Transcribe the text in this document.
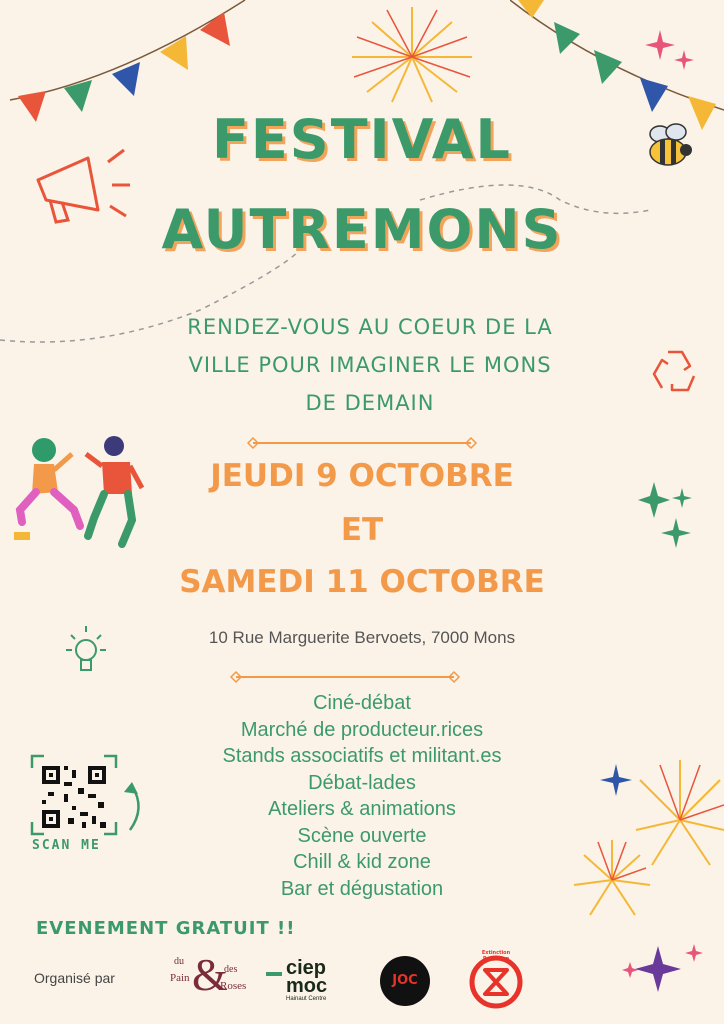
FESTIVAL
AUTREMONS
RENDEZ-VOUS AU COEUR DE LA
VILLE POUR IMAGINER LE MONS
DE DEMAIN
JEUDI 9 OCTOBRE
ET
SAMEDI 11 OCTOBRE
10 Rue Marguerite Bervoets, 7000 Mons
Ciné-débat
Marché de producteur.rices
Stands associatifs et militant.es
Débat-lades
Ateliers & animations
Scène ouverte
Chill & kid zone
Bar et dégustation
SCAN ME
EVENEMENT GRATUIT !!
Organisé par
du
Pain &
des
Roses
ciep
moc
Hainaut Centre
JOC
Extinction Rebellion
